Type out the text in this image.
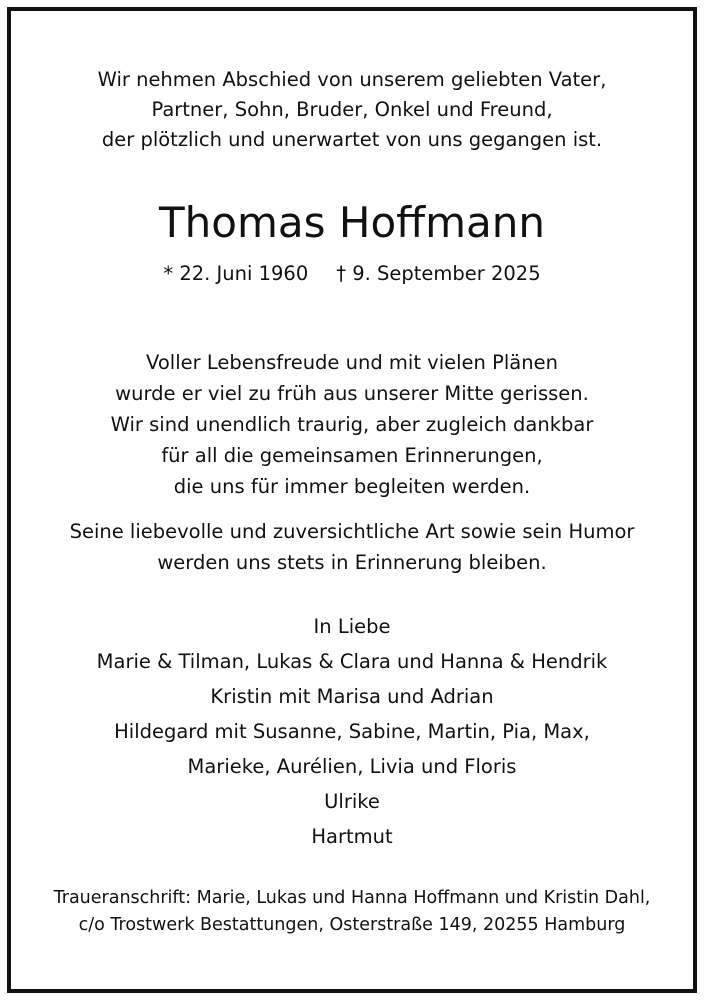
Wir nehmen Abschied von unserem geliebten Vater,
Partner, Sohn, Bruder, Onkel und Freund,
der plötzlich und unerwartet von uns gegangen ist.
Thomas Hoffmann
* 22. Juni 1960 † 9. September 2025
Voller Lebensfreude und mit vielen Plänen
wurde er viel zu früh aus unserer Mitte gerissen.
Wir sind unendlich traurig, aber zugleich dankbar
für all die gemeinsamen Erinnerungen,
die uns für immer begleiten werden.
Seine liebevolle und zuversichtliche Art sowie sein Humor
werden uns stets in Erinnerung bleiben.
In Liebe
Marie & Tilman, Lukas & Clara und Hanna & Hendrik
Kristin mit Marisa und Adrian
Hildegard mit Susanne, Sabine, Martin, Pia, Max,
Marieke, Aurélien, Livia und Floris
Ulrike
Hartmut
Traueranschrift: Marie, Lukas und Hanna Hoffmann und Kristin Dahl,
c/o Trostwerk Bestattungen, Osterstraße 149, 20255 Hamburg
